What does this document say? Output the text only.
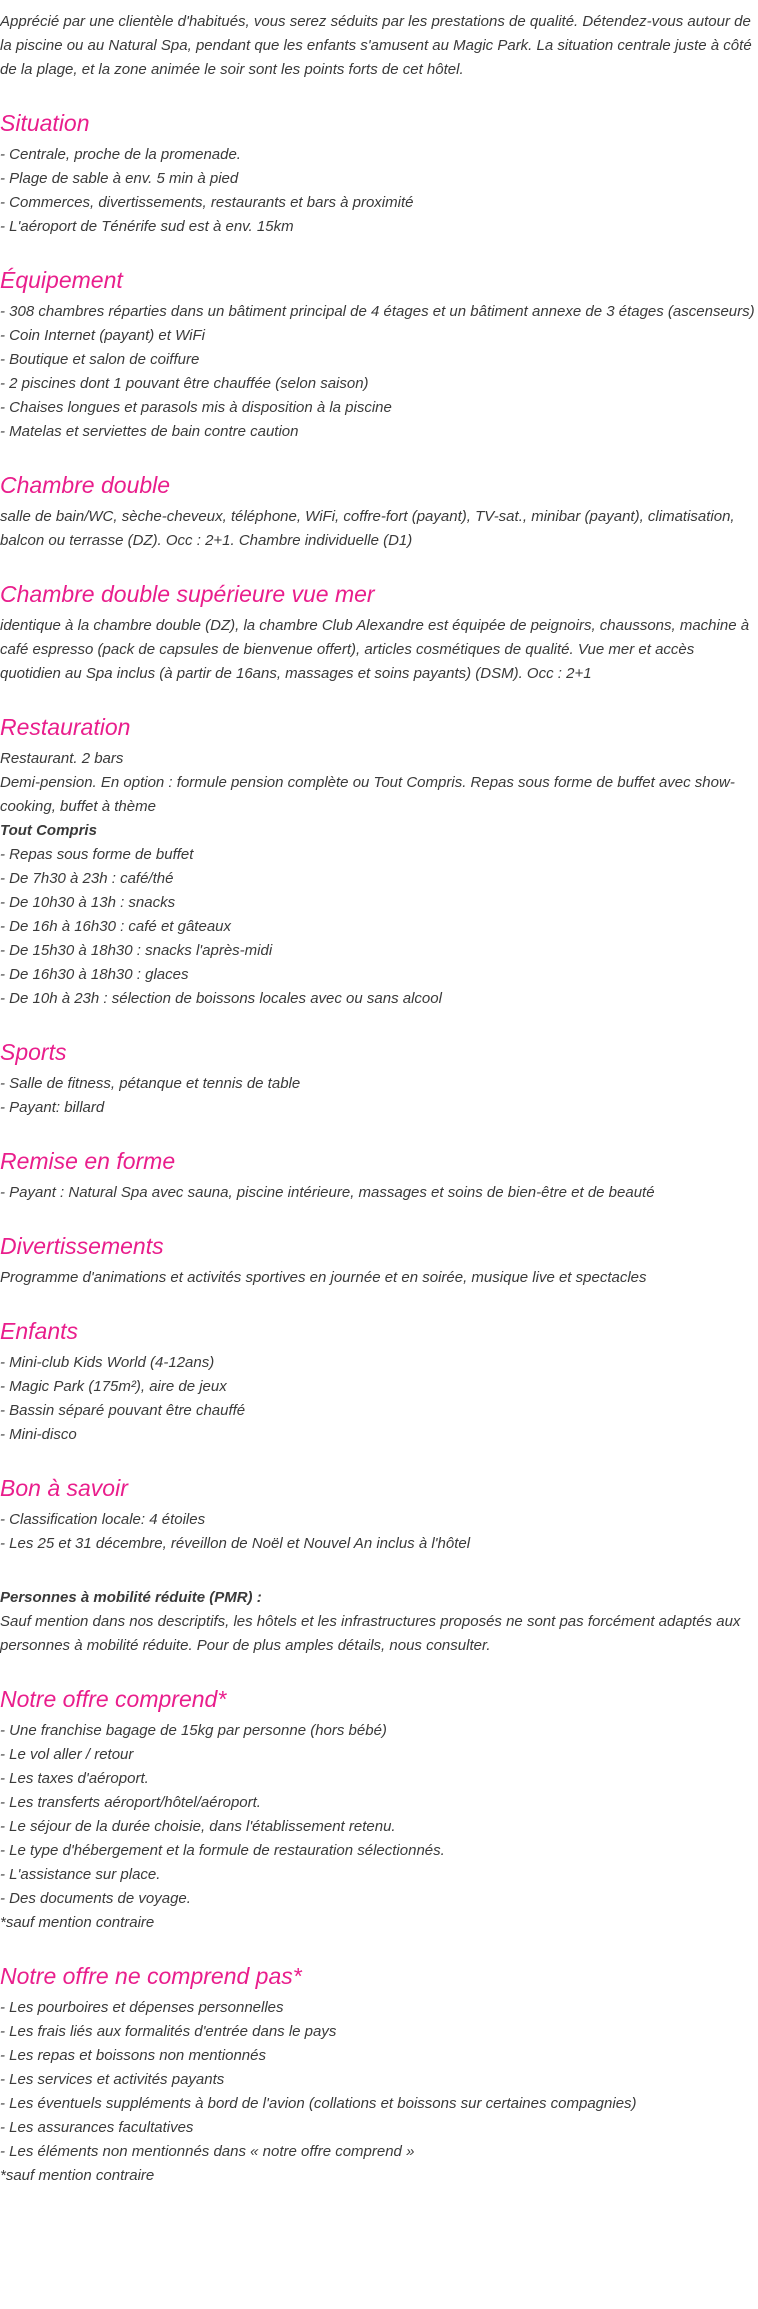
Apprécié par une clientèle d'habitués, vous serez séduits par les prestations de qualité. Détendez-vous autour de la piscine ou au Natural Spa, pendant que les enfants s'amusent au Magic Park. La situation centrale juste à côté de la plage, et la zone animée le soir sont les points forts de cet hôtel.
Situation
- Centrale, proche de la promenade.
- Plage de sable à env. 5 min à pied
- Commerces, divertissements, restaurants et bars à proximité
- L'aéroport de Ténérife sud est à env. 15km
Équipement
- 308 chambres réparties dans un bâtiment principal de 4 étages et un bâtiment annexe de 3 étages (ascenseurs)
- Coin Internet (payant) et WiFi
- Boutique et salon de coiffure
- 2 piscines dont 1 pouvant être chauffée (selon saison)
- Chaises longues et parasols mis à disposition à la piscine
- Matelas et serviettes de bain contre caution
Chambre double
salle de bain/WC, sèche-cheveux, téléphone, WiFi, coffre-fort (payant), TV-sat., minibar (payant), climatisation, balcon ou terrasse (DZ). Occ : 2+1. Chambre individuelle (D1)
Chambre double supérieure vue mer
identique à la chambre double (DZ), la chambre Club Alexandre est équipée de peignoirs, chaussons, machine à café espresso (pack de capsules de bienvenue offert), articles cosmétiques de qualité. Vue mer et accès quotidien au Spa inclus (à partir de 16ans, massages et soins payants) (DSM). Occ : 2+1
Restauration
Restaurant. 2 bars
Demi-pension. En option : formule pension complète ou Tout Compris. Repas sous forme de buffet avec show-cooking, buffet à thème
Tout Compris
- Repas sous forme de buffet
- De 7h30 à 23h : café/thé
- De 10h30 à 13h : snacks
- De 16h à 16h30 : café et gâteaux
- De 15h30 à 18h30 : snacks l'après-midi
- De 16h30 à 18h30 : glaces
- De 10h à 23h : sélection de boissons locales avec ou sans alcool
Sports
- Salle de fitness, pétanque et tennis de table
- Payant: billard
Remise en forme
- Payant : Natural Spa avec sauna, piscine intérieure, massages et soins de bien-être et de beauté
Divertissements
Programme d'animations et activités sportives en journée et en soirée, musique live et spectacles
Enfants
- Mini-club Kids World (4-12ans)
- Magic Park (175m²), aire de jeux
- Bassin séparé pouvant être chauffé
- Mini-disco
Bon à savoir
- Classification locale: 4 étoiles
- Les 25 et 31 décembre, réveillon de Noël et Nouvel An inclus à l'hôtel
Personnes à mobilité réduite (PMR) :
Sauf mention dans nos descriptifs, les hôtels et les infrastructures proposés ne sont pas forcément adaptés aux personnes à mobilité réduite. Pour de plus amples détails, nous consulter.
Notre offre comprend*
- Une franchise bagage de 15kg par personne (hors bébé)
- Le vol aller / retour
- Les taxes d'aéroport.
- Les transferts aéroport/hôtel/aéroport.
- Le séjour de la durée choisie, dans l'établissement retenu.
- Le type d'hébergement et la formule de restauration sélectionnés.
- L'assistance sur place.
- Des documents de voyage.
*sauf mention contraire
Notre offre ne comprend pas*
- Les pourboires et dépenses personnelles
- Les frais liés aux formalités d'entrée dans le pays
- Les repas et boissons non mentionnés
- Les services et activités payants
- Les éventuels suppléments à bord de l'avion (collations et boissons sur certaines compagnies)
- Les assurances facultatives
- Les éléments non mentionnés dans « notre offre comprend »
*sauf mention contraire
